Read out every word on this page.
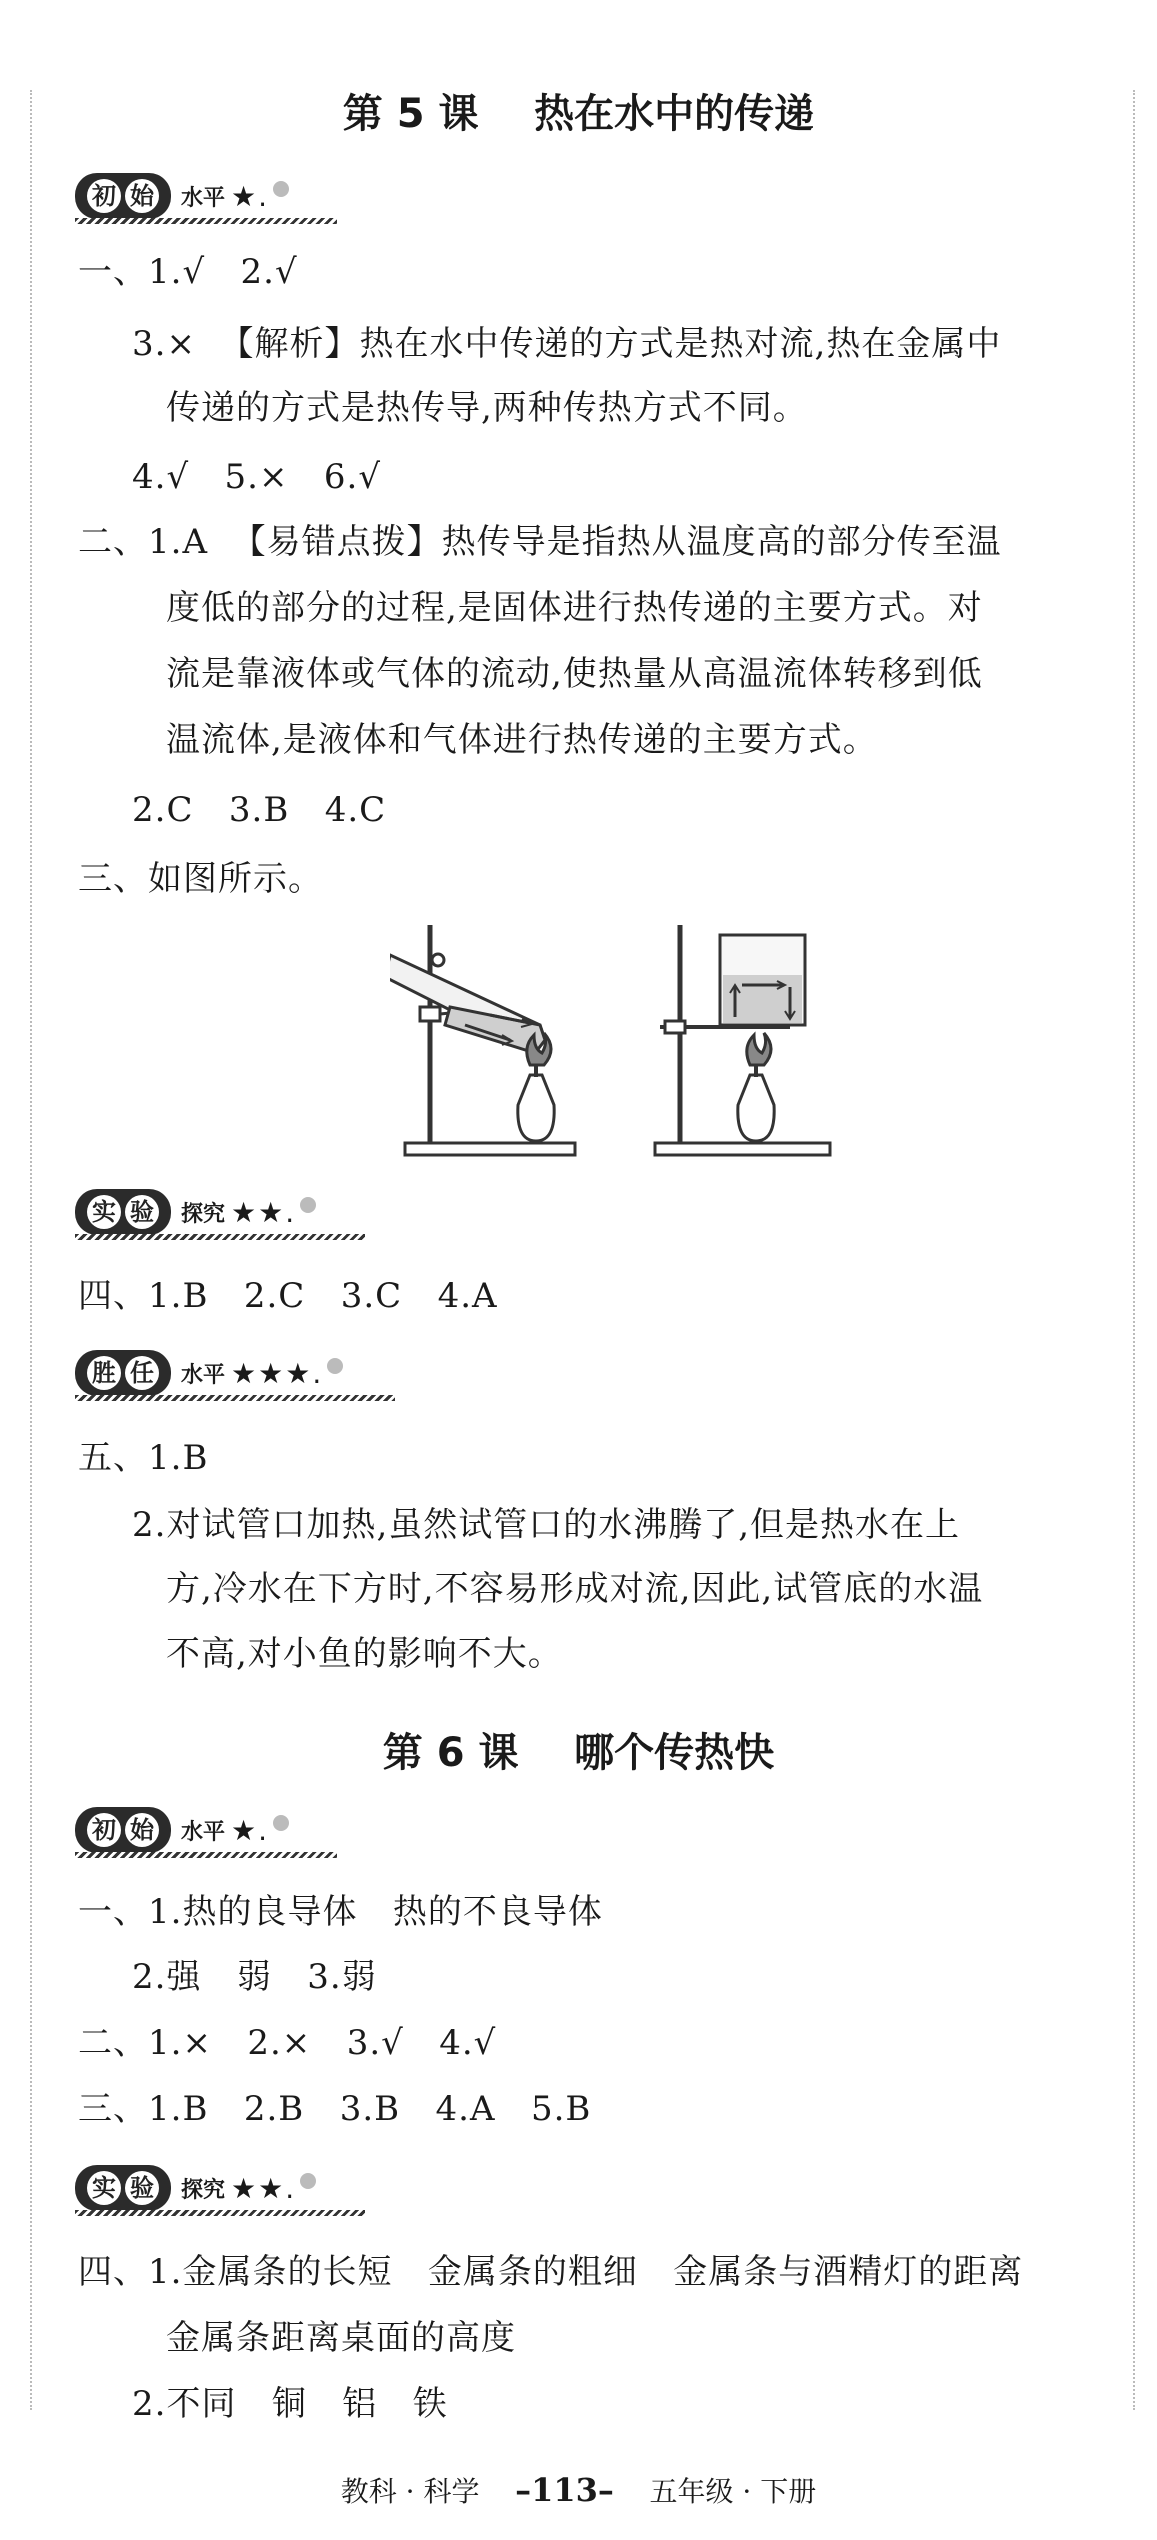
第 5 课    热在水中的传递
初 始 水平 ★.
一、1.√   2.√
3.×  【解析】热在水中传递的方式是热对流,热在金属中
传递的方式是热传导,两种传热方式不同。
4.√   5.×   6.√
二、1.A  【易错点拨】热传导是指热从温度高的部分传至温
度低的部分的过程,是固体进行热传递的主要方式。对
流是靠液体或气体的流动,使热量从高温流体转移到低
温流体,是液体和气体进行热传递的主要方式。
2.C   3.B   4.C
三、如图所示。
实 验 探究 ★★.
四、1.B   2.C   3.C   4.A
胜 任 水平 ★★★.
五、1.B
2.对试管口加热,虽然试管口的水沸腾了,但是热水在上
方,冷水在下方时,不容易形成对流,因此,试管底的水温
不高,对小鱼的影响不大。
第 6 课    哪个传热快
初 始 水平 ★.
一、1.热的良导体   热的不良导体
2.强   弱   3.弱
二、1.×   2.×   3.√   4.√
三、1.B   2.B   3.B   4.A   5.B
实 验 探究 ★★.
四、1.金属条的长短   金属条的粗细   金属条与酒精灯的距离
金属条距离桌面的高度
2.不同   铜   铝   铁
教科 · 科学 –113– 五年级 · 下册
